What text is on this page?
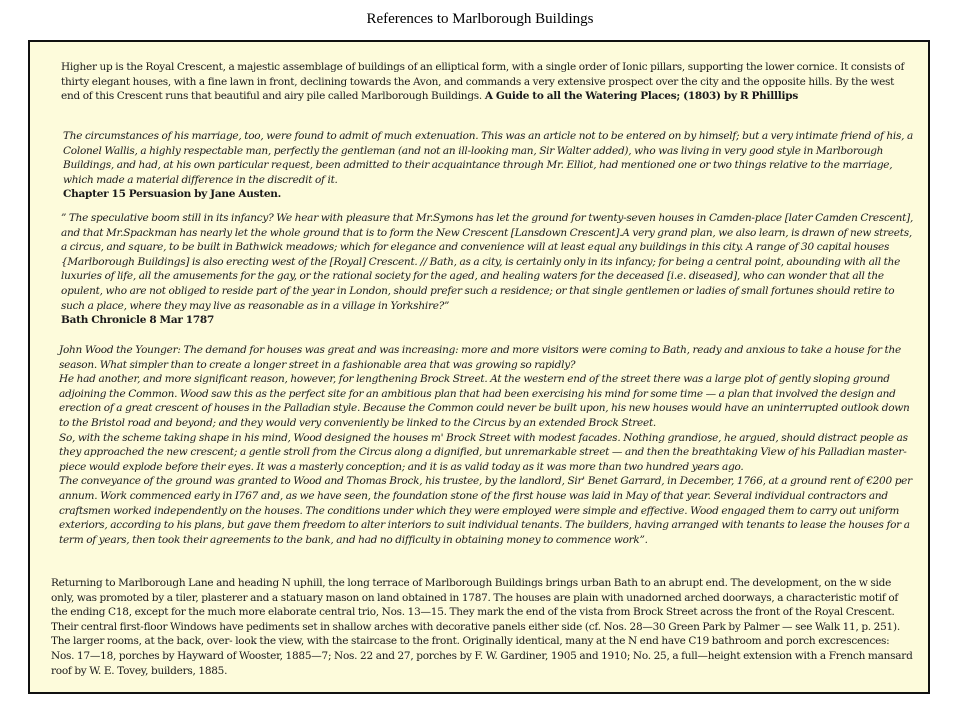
References to Marlborough Buildings
Higher up is the Royal Crescent, a majestic assemblage of buildings of an elliptical form, with a single order of Ionic pillars, supporting the lower cornice. It consists of thirty elegant houses, with a fine lawn in front, declining towards the Avon, and commands a very extensive prospect over the city and the opposite hills. By the west end of this Crescent runs that beautiful and airy pile called Marlborough Buildings. A Guide to all the Watering Places; (1803) by R Philllips

The circumstances of his marriage, too, were found to admit of much extenuation. This was an article not to be entered on by himself; but a very intimate friend of his, a Colonel Wallis, a highly respectable man, perfectly the gentleman (and not an ill-looking man, Sir Walter added), who was living in very good style in Marlborough Buildings, and had, at his own particular request, been admitted to their acquaintance through Mr. Elliot, had mentioned one or two things relative to the marriage, which made a material difference in the discredit of it.

Chapter 15 Persuasion by Jane Austen.

” The speculative boom still in its infancy? We hear with pleasure that Mr.Symons has let the ground for twenty-seven houses in Camden-place [later Camden Crescent], and that Mr.Spackman has nearly let the whole ground that is to form the New Crescent [Lansdown Crescent].A very grand plan, we also learn, is drawn of new streets, a circus, and square, to be built in Bathwick meadows; which for elegance and convenience will at least equal any buildings in this city. A range of 30 capital houses {Marlborough Buildings] is also erecting west of the [Royal] Crescent. // Bath, as a city, is certainly only in its infancy; for being a central point, abounding with all the luxuries of life, all the amusements for the gay, or the rational society for the aged, and healing waters for the deceased [i.e. diseased], who can wonder that all the opulent, who are not obliged to reside part of the year in London, should prefer such a residence; or that single gentlemen or ladies of small fortunes should retire to such a place, where they may live as reasonable as in a village in Yorkshire?”

Bath Chronicle 8 Mar 1787

John Wood the Younger: The demand for houses was great and was increasing: more and more visitors were coming to Bath, ready and anxious to take a house for the season. What simpler than to create a longer street in a fashionable area that was growing so rapidly?

He had another, and more significant reason, however, for lengthening Brock Street. At the western end of the street there was a large plot of gently sloping ground adjoining the Common. Wood saw this as the perfect site for an ambitious plan that had been exercising his mind for some time — a plan that involved the design and erection of a great crescent of houses in the Palladian style. Because the Common could never be built upon, his new houses would have an uninterrupted outlook down to the Bristol road and beyond; and they would very conveniently be linked to the Circus by an extended Brock Street.

So, with the scheme taking shape in his mind, Wood designed the houses m' Brock Street with modest facades. Nothing grandiose, he argued, should distract people as they approached the new crescent; a gentle stroll from the Circus along a dignified, but unremarkable street — and then the breathtaking View of his Palladian master-piece would explode before their eyes. It was a masterly conception; and it is as valid today as it was more than two hundred years ago.

The conveyance of the ground was granted to Wood and Thomas Brock, his trustee, by the landlord, Sir' Benet Garrard, in December, 1766, at a ground rent of €200 per annum. Work commenced early in I767 and, as we have seen, the foundation stone of the first house was laid in May of that year. Several individual contractors and craftsmen worked independently on the houses. The conditions under which they were employed were simple and effective. Wood engaged them to carry out uniform exteriors, according to his plans, but gave them freedom to alter interiors to suit individual tenants. The builders, having arranged with tenants to lease the houses for a term of years, then took their agreements to the bank, and had no difficulty in obtaining money to commence work”.

Returning to Marlborough Lane and heading N uphill, the long terrace of Marlborough Buildings brings urban Bath to an abrupt end. The development, on the w side only, was promoted by a tiler, plasterer and a statuary mason on land obtained in 1787. The houses are plain with unadorned arched doorways, a characteristic motif of the ending C18, except for the much more elaborate central trio, Nos. 13—15. They mark the end of the vista from Brock Street across the front of the Royal Crescent. Their central first-floor Windows have pediments set in shallow arches with decorative panels either side (cf. Nos. 28—30 Green Park by Palmer — see Walk 11, p. 251). The larger rooms, at the back, over- look the view, with the staircase to the front. Originally identical, many at the N end have C19 bathroom and porch excrescences: Nos. 17—18, porches by Hayward of Wooster, 1885—7; Nos. 22 and 27, porches by F. W. Gardiner, 1905 and 1910; No. 25, a full—height extension with a French mansard roof by W. E. Tovey, builders, 1885.
